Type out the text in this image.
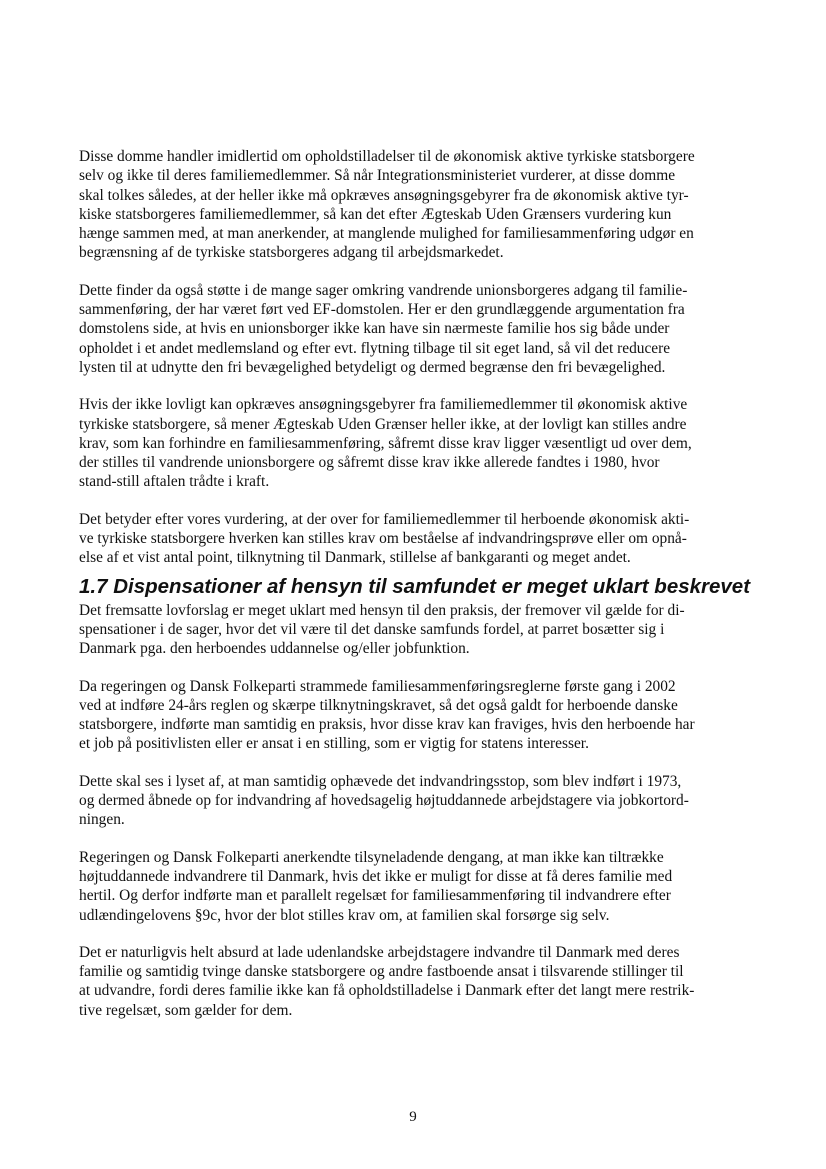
Disse domme handler imidlertid om opholdstilladelser til de økonomisk aktive tyrkiske statsborgere
selv og ikke til deres familiemedlemmer. Så når Integrationsministeriet vurderer, at disse domme
skal tolkes således, at der heller ikke må opkræves ansøgningsgebyrer fra de økonomisk aktive tyr-
kiske statsborgeres familiemedlemmer, så kan det efter Ægteskab Uden Grænsers vurdering kun
hænge sammen med, at man anerkender, at manglende mulighed for familiesammenføring udgør en
begrænsning af de tyrkiske statsborgeres adgang til arbejdsmarkedet.

Dette finder da også støtte i de mange sager omkring vandrende unionsborgeres adgang til familie-
sammenføring, der har været ført ved EF-domstolen. Her er den grundlæggende argumentation fra
domstolens side, at hvis en unionsborger ikke kan have sin nærmeste familie hos sig både under
opholdet i et andet medlemsland og efter evt. flytning tilbage til sit eget land, så vil det reducere
lysten til at udnytte den fri bevægelighed betydeligt og dermed begrænse den fri bevægelighed.

Hvis der ikke lovligt kan opkræves ansøgningsgebyrer fra familiemedlemmer til økonomisk aktive
tyrkiske statsborgere, så mener Ægteskab Uden Grænser heller ikke, at der lovligt kan stilles andre
krav, som kan forhindre en familiesammenføring, såfremt disse krav ligger væsentligt ud over dem,
der stilles til vandrende unionsborgere og såfremt disse krav ikke allerede fandtes i 1980, hvor
stand-still aftalen trådte i kraft.

Det betyder efter vores vurdering, at der over for familiemedlemmer til herboende økonomisk akti-
ve tyrkiske statsborgere hverken kan stilles krav om beståelse af indvandringsprøve eller om opnå-
else af et vist antal point, tilknytning til Danmark, stillelse af bankgaranti og meget andet.

1.7 Dispensationer af hensyn til samfundet er meget uklart beskrevet

Det fremsatte lovforslag er meget uklart med hensyn til den praksis, der fremover vil gælde for di-
spensationer i de sager, hvor det vil være til det danske samfunds fordel, at parret bosætter sig i
Danmark pga. den herboendes uddannelse og/eller jobfunktion.

Da regeringen og Dansk Folkeparti strammede familiesammenføringsreglerne første gang i 2002
ved at indføre 24-års reglen og skærpe tilknytningskravet, så det også galdt for herboende danske
statsborgere, indførte man samtidig en praksis, hvor disse krav kan fraviges, hvis den herboende har
et job på positivlisten eller er ansat i en stilling, som er vigtig for statens interesser.

Dette skal ses i lyset af, at man samtidig ophævede det indvandringsstop, som blev indført i 1973,
og dermed åbnede op for indvandring af hovedsagelig højtuddannede arbejdstagere via jobkortord-
ningen.

Regeringen og Dansk Folkeparti anerkendte tilsyneladende dengang, at man ikke kan tiltrække
højtuddannede indvandrere til Danmark, hvis det ikke er muligt for disse at få deres familie med
hertil. Og derfor indførte man et parallelt regelsæt for familiesammenføring til indvandrere efter
udlændingelovens §9c, hvor der blot stilles krav om, at familien skal forsørge sig selv.

Det er naturligvis helt absurd at lade udenlandske arbejdstagere indvandre til Danmark med deres
familie og samtidig tvinge danske statsborgere og andre fastboende ansat i tilsvarende stillinger til
at udvandre, fordi deres familie ikke kan få opholdstilladelse i Danmark efter det langt mere restrik-
tive regelsæt, som gælder for dem.

9
